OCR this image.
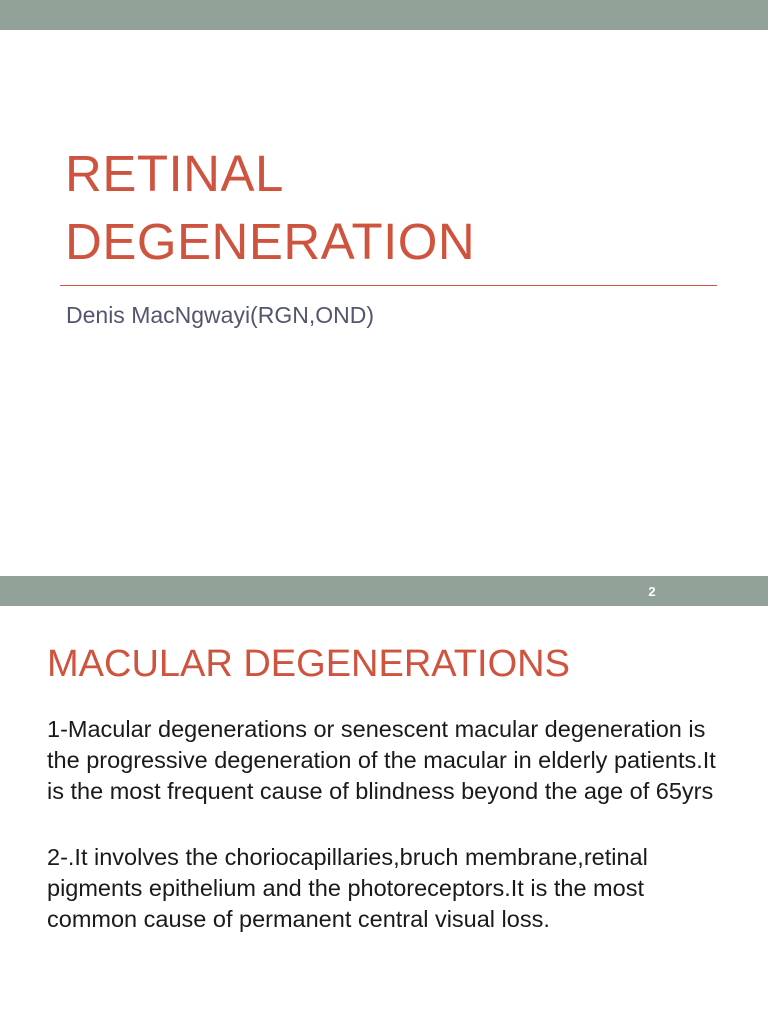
RETINAL
DEGENERATION
Denis MacNgwayi(RGN,OND)
2
MACULAR DEGENERATIONS

1-Macular degenerations or senescent macular degeneration is the progressive degeneration of the macular in elderly patients.It is the most frequent cause of blindness beyond the age of 65yrs

2-.It involves the choriocapillaries,bruch membrane,retinal pigments epithelium and the photoreceptors.It is the most common cause of permanent central visual loss.
